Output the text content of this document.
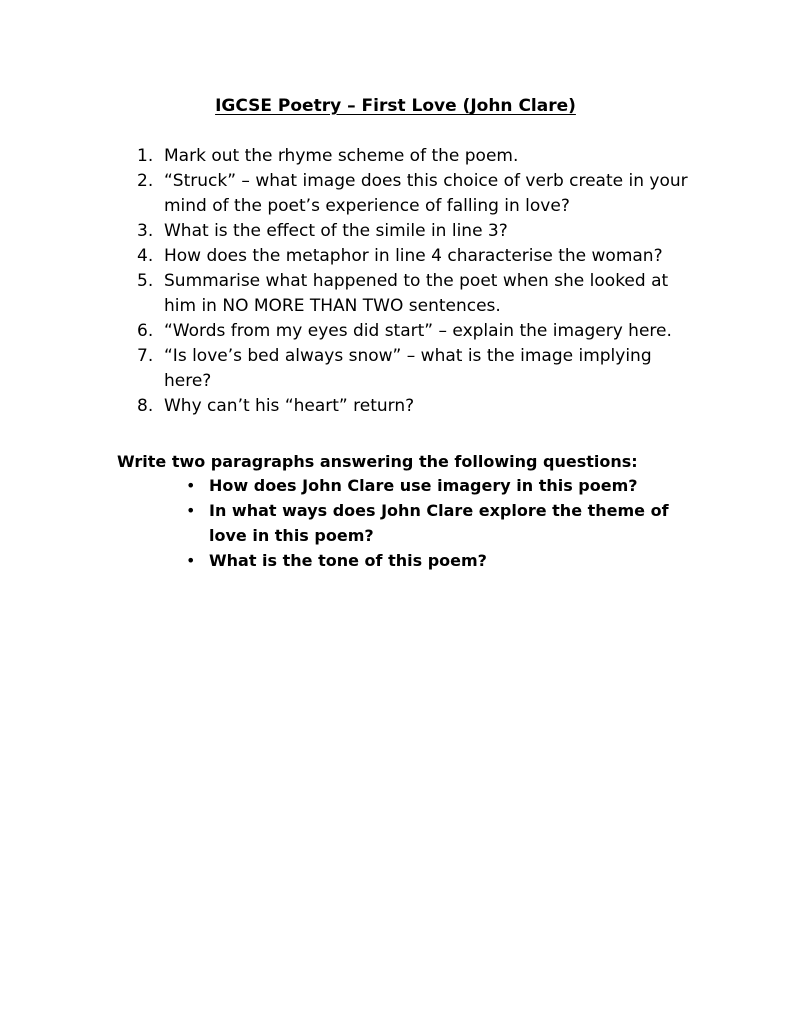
IGCSE Poetry – First Love (John Clare)
1. Mark out the rhyme scheme of the poem.
2. “Struck” – what image does this choice of verb create in your mind of the poet’s experience of falling in love?
3. What is the effect of the simile in line 3?
4. How does the metaphor in line 4 characterise the woman?
5. Summarise what happened to the poet when she looked at him in NO MORE THAN TWO sentences.
6. “Words from my eyes did start” – explain the imagery here.
7. “Is love’s bed always snow” – what is the image implying here?
8. Why can’t his “heart” return?

Write two paragraphs answering the following questions:

• How does John Clare use imagery in this poem?
• In what ways does John Clare explore the theme of love in this poem?
• What is the tone of this poem?
